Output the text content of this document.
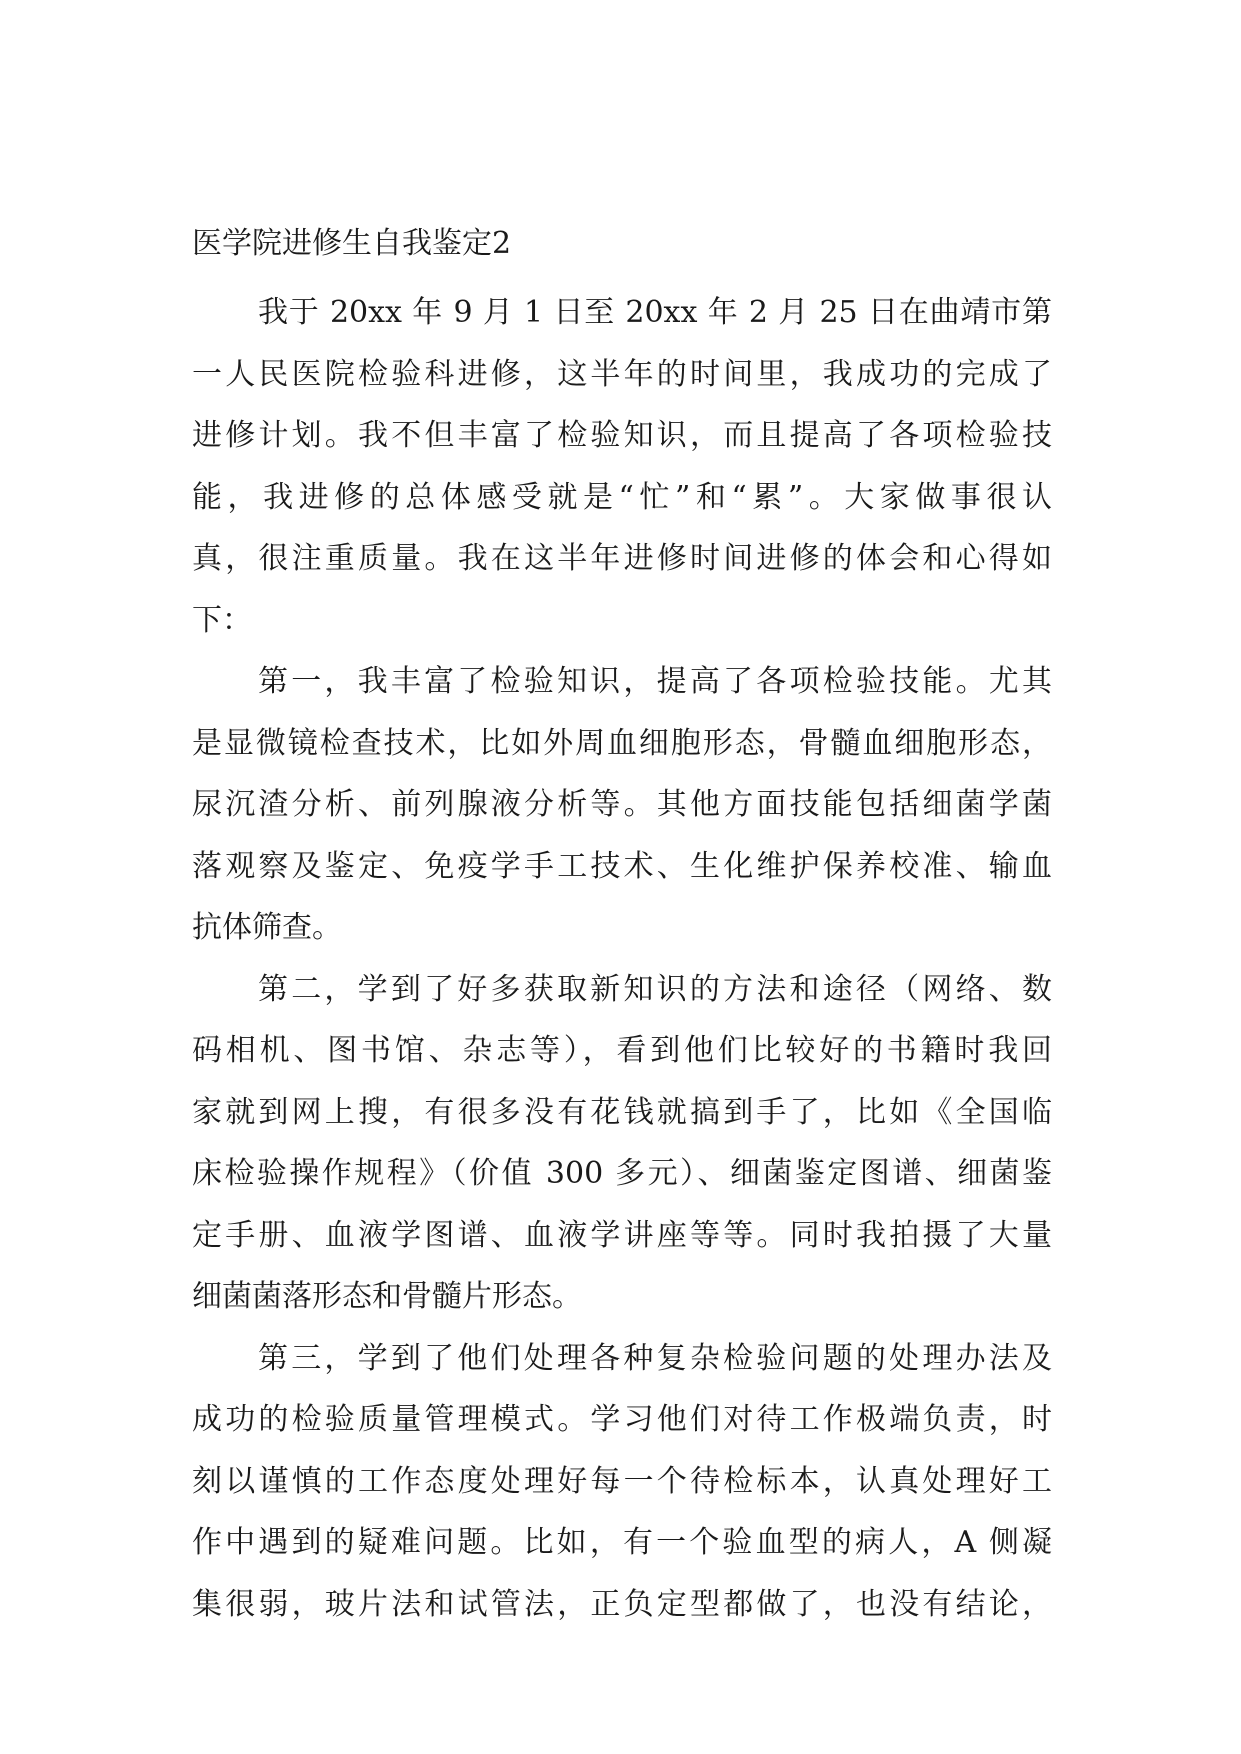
医学院进修生自我鉴定2
我于 20xx 年 9 月 1 日至 20xx 年 2 月 25 日在曲靖市第
一人民医院检验科进修，这半年的时间里，我成功的完成了
进修计划。我不但丰富了检验知识，而且提高了各项检验技
能，我进修的总体感受就是“忙”和“累”。大家做事很认
真，很注重质量。我在这半年进修时间进修的体会和心得如
下：
第一，我丰富了检验知识，提高了各项检验技能。尤其
是显微镜检查技术，比如外周血细胞形态，骨髓血细胞形态，
尿沉渣分析、前列腺液分析等。其他方面技能包括细菌学菌
落观察及鉴定、免疫学手工技术、生化维护保养校准、输血
抗体筛查。
第二，学到了好多获取新知识的方法和途径（网络、数
码相机、图书馆、杂志等），看到他们比较好的书籍时我回
家就到网上搜，有很多没有花钱就搞到手了，比如《全国临
床检验操作规程》（价值 300 多元）、细菌鉴定图谱、细菌鉴
定手册、血液学图谱、血液学讲座等等。同时我拍摄了大量
细菌菌落形态和骨髓片形态。
第三，学到了他们处理各种复杂检验问题的处理办法及
成功的检验质量管理模式。学习他们对待工作极端负责，时
刻以谨慎的工作态度处理好每一个待检标本，认真处理好工
作中遇到的疑难问题。比如，有一个验血型的病人，A 侧凝
集很弱，玻片法和试管法，正负定型都做了，也没有结论，
